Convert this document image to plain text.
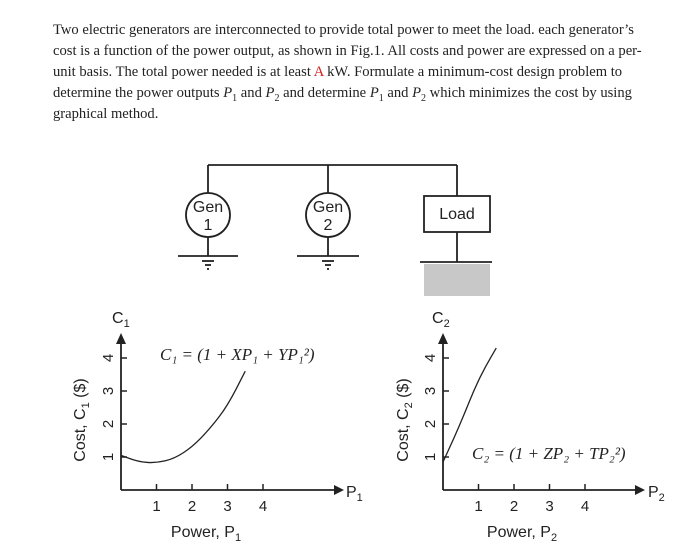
Two electric generators are interconnected to provide total power to meet the load. each generator’s cost is a function of the power output, as shown in Fig.1. All costs and power are expressed on a per-unit basis. The total power needed is at least A kW. Formulate a minimum-cost design problem to determine the power outputs $P_1$ and $P_2$ and determine $P_1$ and $P_2$ which minimizes the cost by using graphical method.

Gen
1
Gen
2
Load
1 2 3 4
1
2
3
4
$C_1$
$P_1$
Power, $P_1$
Cost, $C_1$ ($)
C₁ = (1 + XP₁ + YP₁²)
1 2 3 4
1
2
3
4
$C_2$
$P_2$
Power, $P_2$
Cost, $C_2$ ($)
C₂ = (1 + ZP₂ + TP₂²)
